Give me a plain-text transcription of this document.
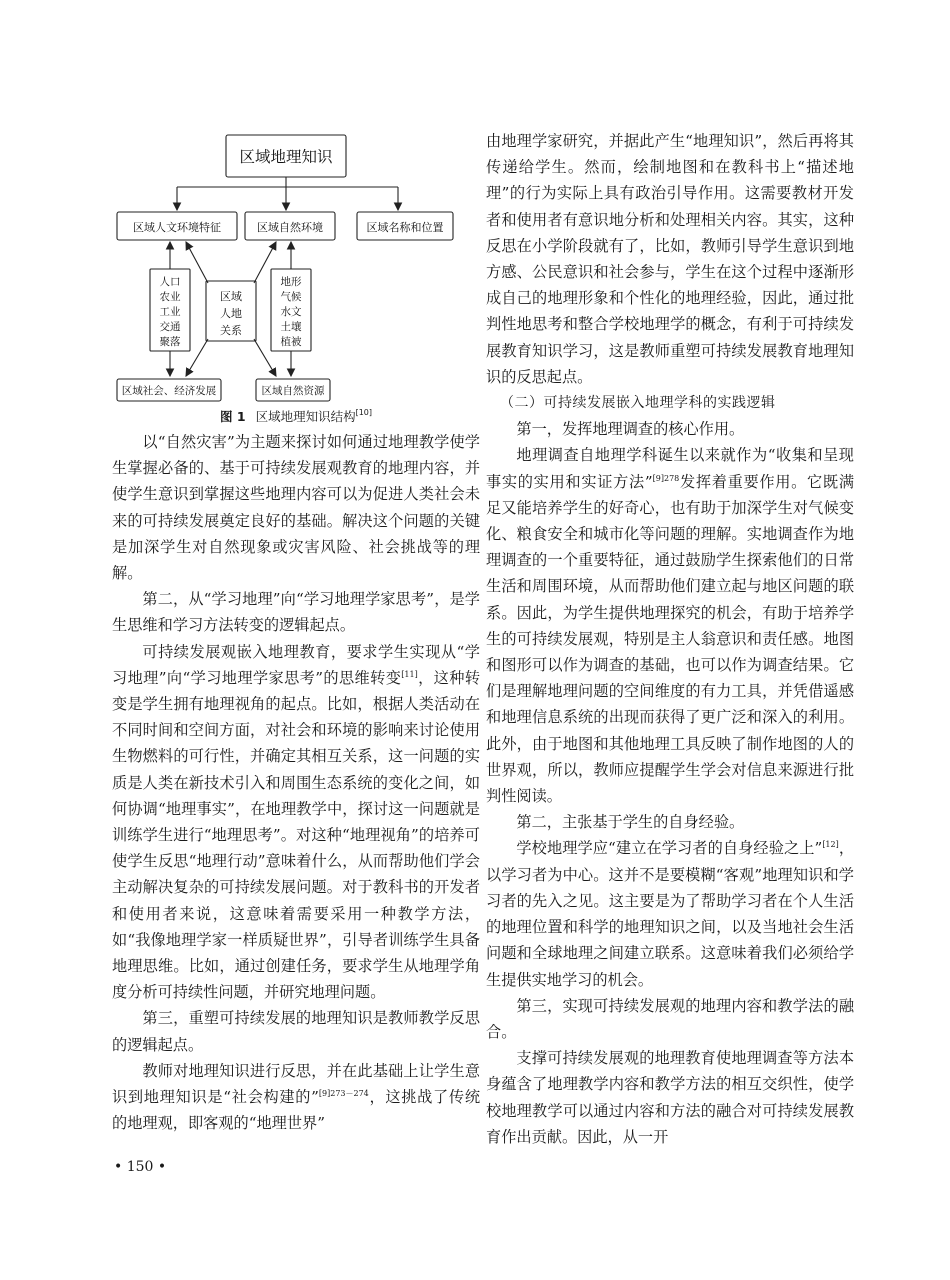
区域地理知识
区域人文环境特征	区域自然环境	区域名称和位置
人口
农业
工业
交通
聚落
区域
人地
关系
地形
气候
水文
土壤
植被
区域社会、经济发展	区域自然资源
图 1 区域地理知识结构[10]

以“自然灾害”为主题来探讨如何通过地理教学使学生掌握必备的、基于可持续发展观教育的地理内容，并使学生意识到掌握这些地理内容可以为促进人类社会未来的可持续发展奠定良好的基础。解决这个问题的关键是加深学生对自然现象或灾害风险、社会挑战等的理解。

第二，从“学习地理”向“学习地理学家思考”，是学生思维和学习方法转变的逻辑起点。

可持续发展观嵌入地理教育，要求学生实现从“学习地理”向“学习地理学家思考”的思维转变[11]，这种转变是学生拥有地理视角的起点。比如，根据人类活动在不同时间和空间方面，对社会和环境的影响来讨论使用生物燃料的可行性，并确定其相互关系，这一问题的实质是人类在新技术引入和周围生态系统的变化之间，如何协调“地理事实”，在地理教学中，探讨这一问题就是训练学生进行“地理思考”。对这种“地理视角”的培养可使学生反思“地理行动”意味着什么，从而帮助他们学会主动解决复杂的可持续发展问题。对于教科书的开发者和使用者来说，这意味着需要采用一种教学方法，如“我像地理学家一样质疑世界”，引导者训练学生具备地理思维。比如，通过创建任务，要求学生从地理学角度分析可持续性问题，并研究地理问题。

第三，重塑可持续发展的地理知识是教师教学反思的逻辑起点。

教师对地理知识进行反思，并在此基础上让学生意识到地理知识是“社会构建的”$^{[9]273-274}$，这挑战了传统的地理观，即客观的“地理世界”

由地理学家研究，并据此产生“地理知识”，然后再将其传递给学生。然而，绘制地图和在教科书上“描述地理”的行为实际上具有政治引导作用。这需要教材开发者和使用者有意识地分析和处理相关内容。其实，这种反思在小学阶段就有了，比如，教师引导学生意识到地方感、公民意识和社会参与，学生在这个过程中逐渐形成自己的地理形象和个性化的地理经验，因此，通过批判性地思考和整合学校地理学的概念，有利于可持续发展教育知识学习，这是教师重塑可持续发展教育地理知识的反思起点。

（二）可持续发展嵌入地理学科的实践逻辑

第一，发挥地理调查的核心作用。

地理调查自地理学科诞生以来就作为“收集和呈现事实的实用和实证方法”$^{[9]278}$发挥着重要作用。它既满足又能培养学生的好奇心，也有助于加深学生对气候变化、粮食安全和城市化等问题的理解。实地调查作为地理调查的一个重要特征，通过鼓励学生探索他们的日常生活和周围环境，从而帮助他们建立起与地区问题的联系。因此，为学生提供地理探究的机会，有助于培养学生的可持续发展观，特别是主人翁意识和责任感。地图和图形可以作为调查的基础，也可以作为调查结果。它们是理解地理问题的空间维度的有力工具，并凭借遥感和地理信息系统的出现而获得了更广泛和深入的利用。此外，由于地图和其他地理工具反映了制作地图的人的世界观，所以，教师应提醒学生学会对信息来源进行批判性阅读。

第二，主张基于学生的自身经验。

学校地理学应“建立在学习者的自身经验之上”[12]，以学习者为中心。这并不是要模糊“客观”地理知识和学习者的先入之见。这主要是为了帮助学习者在个人生活的地理位置和科学的地理知识之间，以及当地社会生活问题和全球地理之间建立联系。这意味着我们必须给学生提供实地学习的机会。

第三，实现可持续发展观的地理内容和教学法的融合。

支撑可持续发展观的地理教育使地理调查等方法本身蕴含了地理教学内容和教学方法的相互交织性，使学校地理教学可以通过内容和方法的融合对可持续发展教育作出贡献。因此，从一开

• 150 •
